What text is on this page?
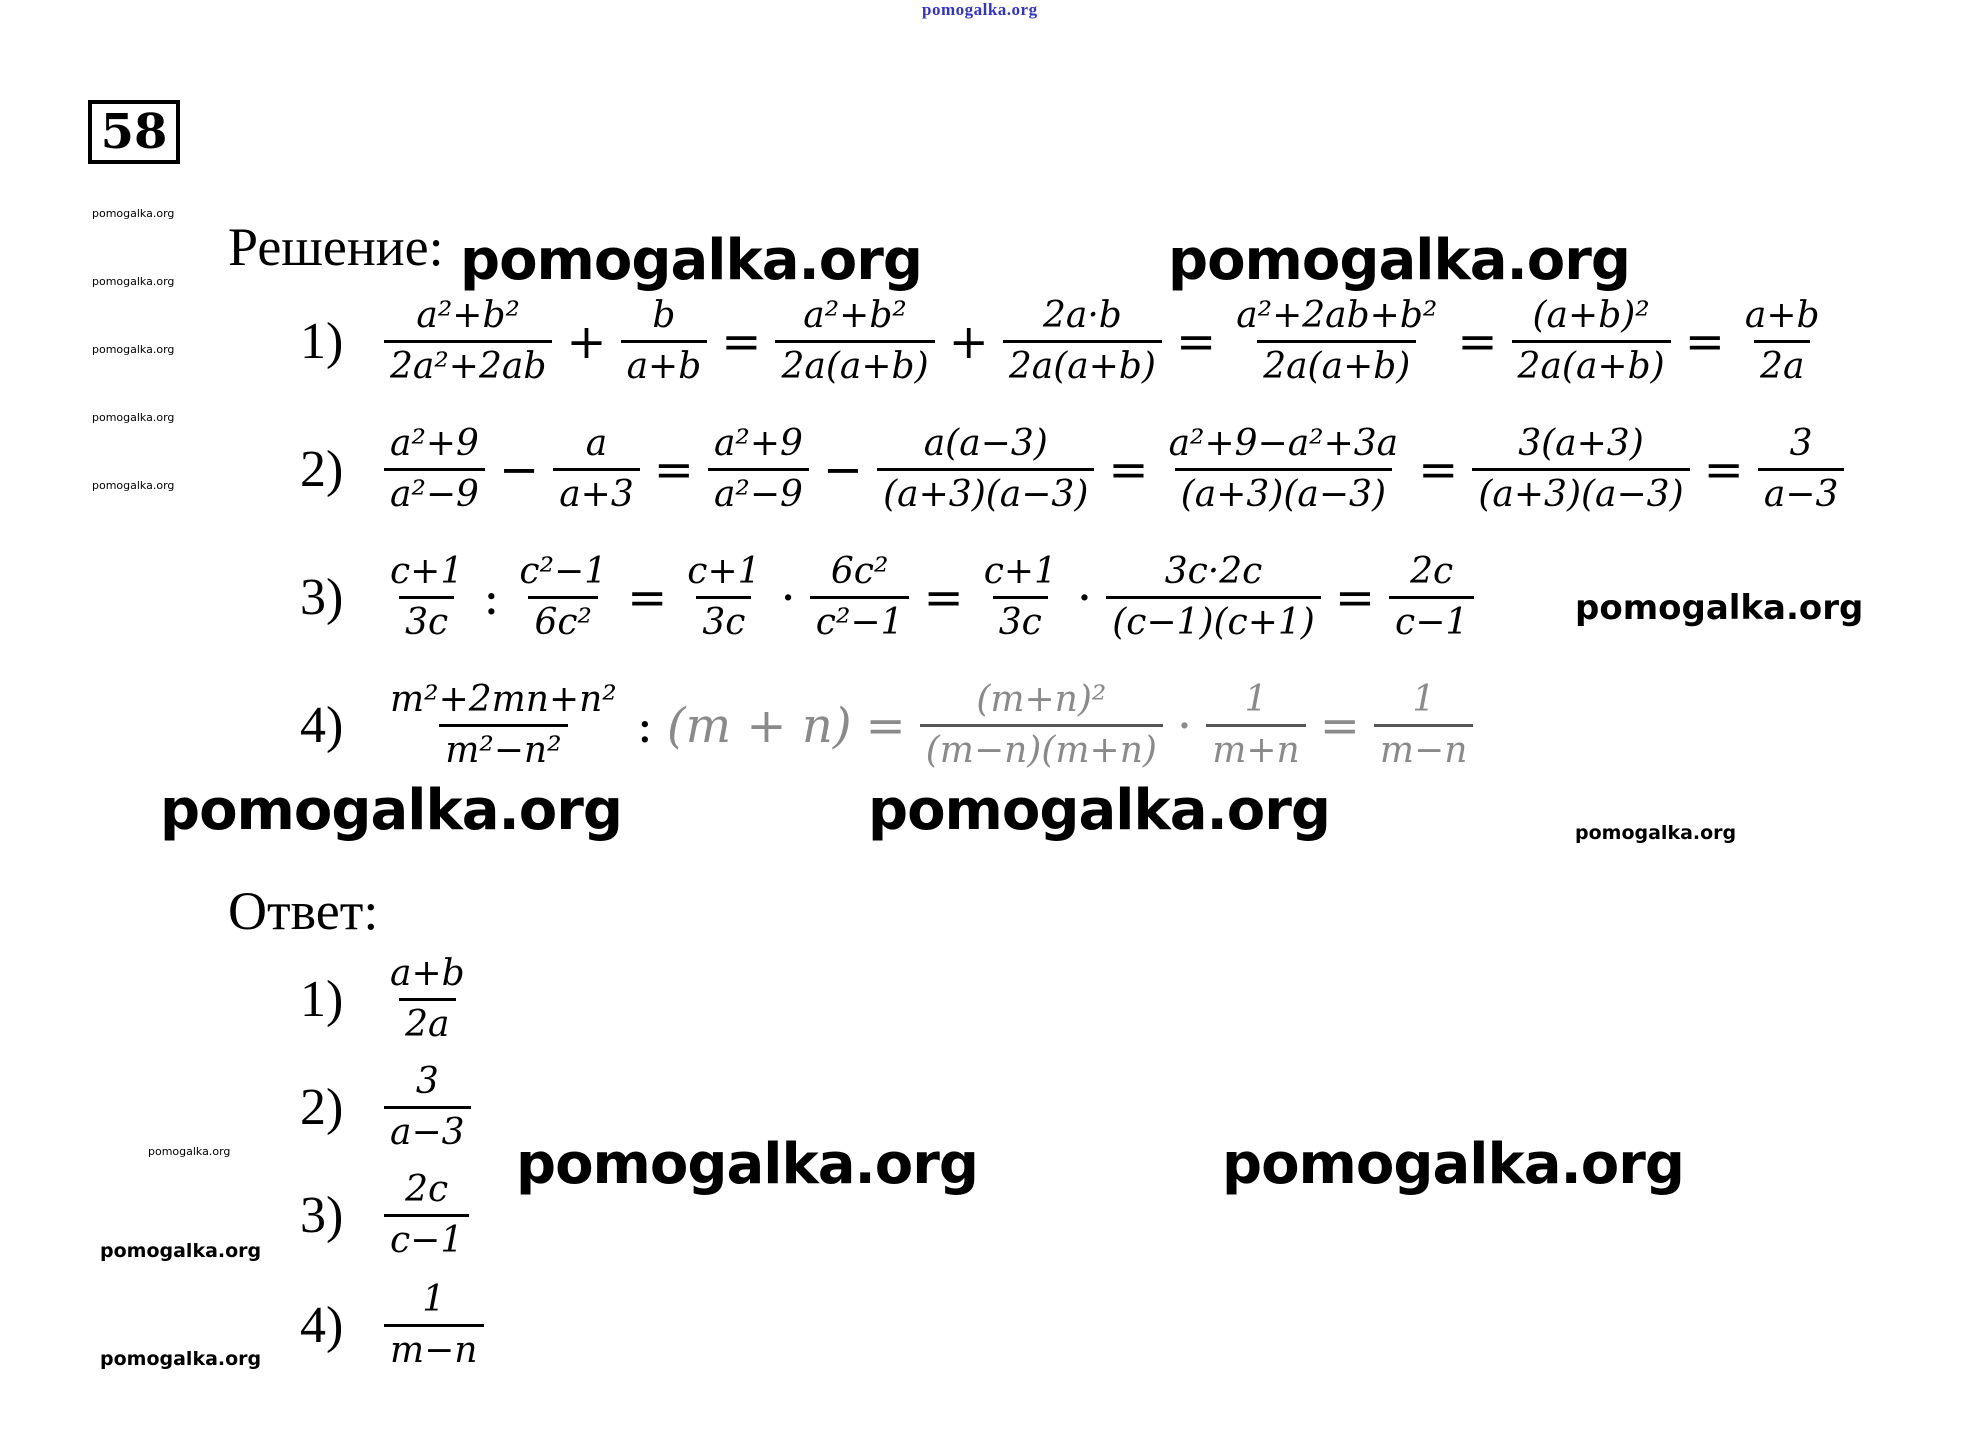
pomogalka.org
58
pomogalka.org
pomogalka.org
pomogalka.org
pomogalka.org
pomogalka.org
pomogalka.org
Решение: pomogalka.org	pomogalka.org
pomogalka.org	pomogalka.org
pomogalka.org	pomogalka.org
pomogalka.org
pomogalka.org
pomogalka.org
pomogalka.org
1)	$\frac{\text{a²+b²}}{\text{2a²+2ab}} + \frac{b}{a+b} = \frac{\text{a²+b²}}{2a(a+b)} + \frac{2a\cdot b}{2a(a+b)} = \frac{\text{a²+2ab+b²}}{2a(a+b)} = \frac{\text{(a+b)²}}{2a(a+b)} = \frac{a+b}{2a}$
2)	$\frac{\text{a²+9}}{\text{a²−9}} - \frac{a}{a+3} = \frac{\text{a²+9}}{\text{a²−9}} - \frac{a(a-3)}{(a+3)(a-3)} = \frac{\text{a²+9−a²+3a}}{(a+3)(a-3)} = \frac{3(a+3)}{(a+3)(a-3)} = \frac{3}{a-3}$
3)	$\frac{c+1}{3c}$ : $\frac{\text{c²−1}}{\text{6c²}} = \frac{c+1}{3c} \cdot \frac{\text{6c²}}{\text{c²−1}} = \frac{c+1}{3c} \cdot \frac{3c\cdot 2c}{(c-1)(c+1)} = \frac{2c}{c-1}$
4)	$\frac{\text{m²+2mn+n²}}{\text{m²−n²}}$ : $(m + n) = \frac{\text{(m+n)²}}{(m-n)(m+n)} \cdot \frac{1}{m+n} = \frac{1}{m-n}$
Ответ:
1)	$\frac{a+b}{2a}$
2)	$\frac{3}{a-3}$
3)	$\frac{2c}{c-1}$
4)	$\frac{1}{m-n}$
